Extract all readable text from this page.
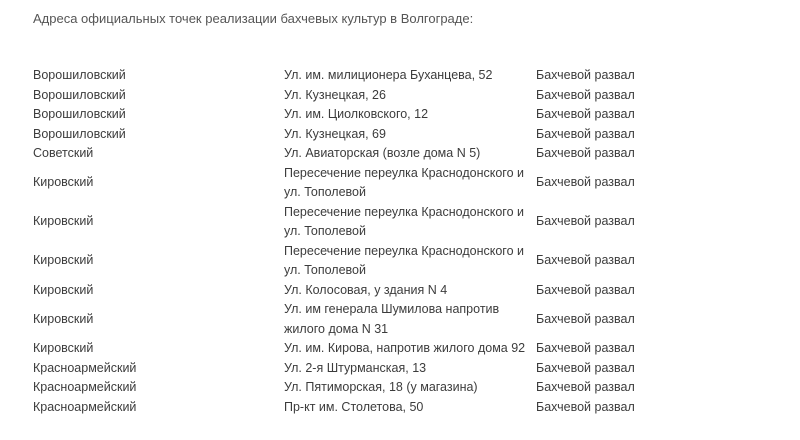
Адреса официальных точек реализации бахчевых культур в Волгограде:
Ворошиловский	Ул. им. милиционера Буханцева, 52	Бахчевой развал
Ворошиловский	Ул. Кузнецкая, 26	Бахчевой развал
Ворошиловский	Ул. им. Циолковского, 12	Бахчевой развал
Ворошиловский	Ул. Кузнецкая, 69	Бахчевой развал
Советский	Ул. Авиаторская (возле дома N 5)	Бахчевой развал
Кировский	Пересечение переулка Краснодонского и
ул. Тополевой	Бахчевой развал
Кировский	Пересечение переулка Краснодонского и
ул. Тополевой	Бахчевой развал
Кировский	Пересечение переулка Краснодонского и
ул. Тополевой	Бахчевой развал
Кировский	Ул. Колосовая, у здания N 4	Бахчевой развал
Кировский	Ул. им генерала Шумилова напротив
жилого дома N 31	Бахчевой развал
Кировский	Ул. им. Кирова, напротив жилого дома 92	Бахчевой развал
Красноармейский	Ул. 2-я Штурманская, 13	Бахчевой развал
Красноармейский	Ул. Пятиморская, 18 (у магазина)	Бахчевой развал
Красноармейский	Пр-кт им. Столетова, 50	Бахчевой развал
